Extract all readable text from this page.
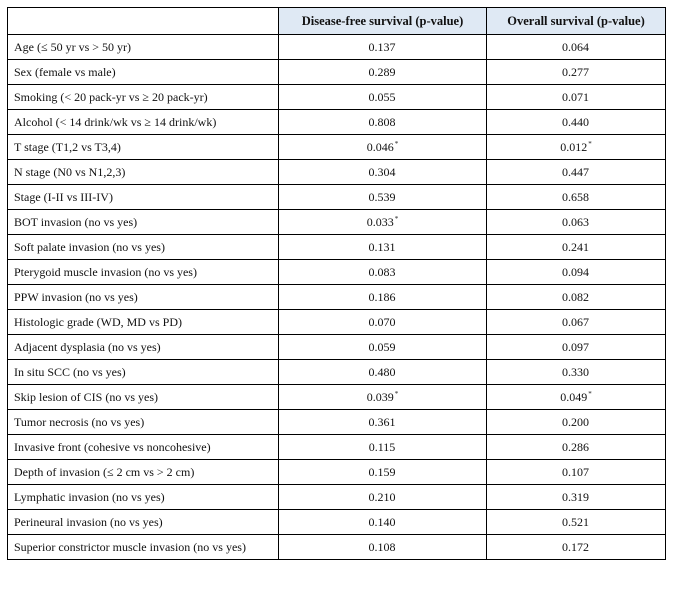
	Disease-free survival (p-value)	Overall survival (p-value)
Age (≤ 50 yr vs > 50 yr)	0.137	0.064
Sex (female vs male)	0.289	0.277
Smoking (< 20 pack-yr vs ≥ 20 pack-yr)	0.055	0.071
Alcohol (< 14 drink/wk vs ≥ 14 drink/wk)	0.808	0.440
T stage (T1,2 vs T3,4)	0.046*	0.012*
N stage (N0 vs N1,2,3)	0.304	0.447
Stage (I-II vs III-IV)	0.539	0.658
BOT invasion (no vs yes)	0.033*	0.063
Soft palate invasion (no vs yes)	0.131	0.241
Pterygoid muscle invasion (no vs yes)	0.083	0.094
PPW invasion (no vs yes)	0.186	0.082
Histologic grade (WD, MD vs PD)	0.070	0.067
Adjacent dysplasia (no vs yes)	0.059	0.097
In situ SCC (no vs yes)	0.480	0.330
Skip lesion of CIS (no vs yes)	0.039*	0.049*
Tumor necrosis (no vs yes)	0.361	0.200
Invasive front (cohesive vs noncohesive)	0.115	0.286
Depth of invasion (≤ 2 cm vs > 2 cm)	0.159	0.107
Lymphatic invasion (no vs yes)	0.210	0.319
Perineural invasion (no vs yes)	0.140	0.521
Superior constrictor muscle invasion (no vs yes)	0.108	0.172
